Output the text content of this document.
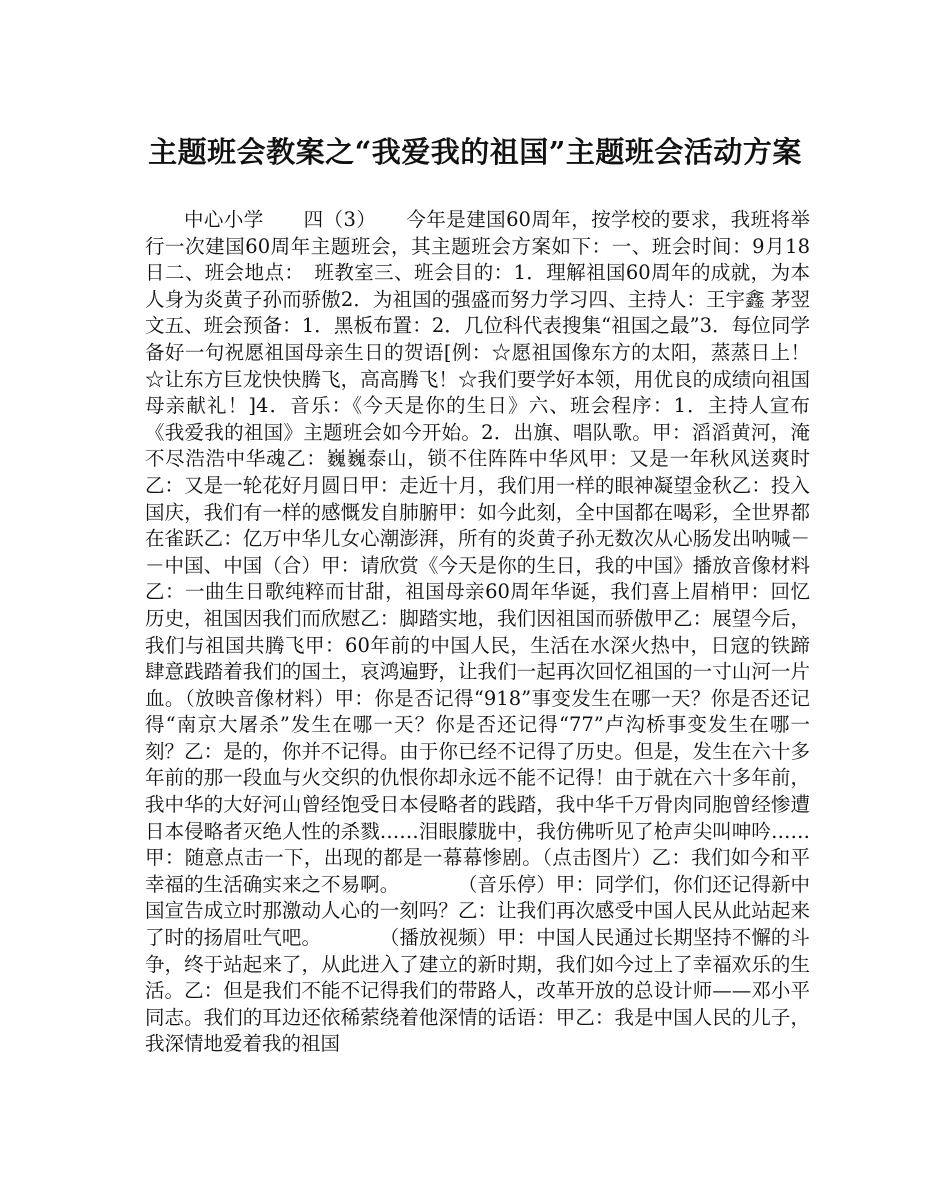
主题班会教案之“我爱我的祖国”主题班会活动方案

中心小学　　四（3）　　今年是建国60周年，按学校的要求，我班将举行一次建国60周年主题班会，其主题班会方案如下：一、班会时间：9月18日二、班会地点：　班教室三、班会目的：1．理解祖国60周年的成就，为本人身为炎黄子孙而骄傲2．为祖国的强盛而努力学习四、主持人：王宇鑫 茅翌文五、班会预备：1．黑板布置：2．几位科代表搜集“祖国之最”3．每位同学备好一句祝愿祖国母亲生日的贺语[例：☆愿祖国像东方的太阳，蒸蒸日上！☆让东方巨龙快快腾飞，高高腾飞！☆我们要学好本领，用优良的成绩向祖国母亲献礼！]4．音乐：《今天是你的生日》六、班会程序：1．主持人宣布《我爱我的祖国》主题班会如今开始。2．出旗、唱队歌。甲：滔滔黄河，淹不尽浩浩中华魂乙：巍巍泰山，锁不住阵阵中华风甲：又是一年秋风送爽时乙：又是一轮花好月圆日甲：走近十月，我们用一样的眼神凝望金秋乙：投入国庆，我们有一样的感慨发自肺腑甲：如今此刻，全中国都在喝彩，全世界都在雀跃乙：亿万中华儿女心潮澎湃，所有的炎黄子孙无数次从心肠发出呐喊－－中国、中国（合）甲：请欣赏《今天是你的生日，我的中国》播放音像材料乙：一曲生日歌纯粹而甘甜，祖国母亲60周年华诞，我们喜上眉梢甲：回忆历史，祖国因我们而欣慰乙：脚踏实地，我们因祖国而骄傲甲乙：展望今后，我们与祖国共腾飞甲：60年前的中国人民，生活在水深火热中，日寇的铁蹄肆意践踏着我们的国土，哀鸿遍野，让我们一起再次回忆祖国的一寸山河一片血。（放映音像材料）甲：你是否记得“918”事变发生在哪一天？你是否还记得“南京大屠杀”发生在哪一天？你是否还记得“77”卢沟桥事变发生在哪一刻？乙：是的，你并不记得。由于你已经不记得了历史。但是，发生在六十多年前的那一段血与火交织的仇恨你却永远不能不记得！由于就在六十多年前，我中华的大好河山曾经饱受日本侵略者的践踏，我中华千万骨肉同胞曾经惨遭日本侵略者灭绝人性的杀戮……泪眼朦胧中，我仿佛听见了枪声尖叫呻吟……甲：随意点击一下，出现的都是一幕幕惨剧。（点击图片）乙：我们如今和平幸福的生活确实来之不易啊。　　　　（音乐停）甲：同学们，你们还记得新中国宣告成立时那激动人心的一刻吗？乙：让我们再次感受中国人民从此站起来了时的扬眉吐气吧。　　　　（播放视频）甲：中国人民通过长期坚持不懈的斗争，终于站起来了，从此进入了建立的新时期，我们如今过上了幸福欢乐的生活。乙：但是我们不能不记得我们的带路人，改革开放的总设计师——邓小平同志。我们的耳边还依稀萦绕着他深情的话语：甲乙：我是中国人民的儿子，我深情地爱着我的祖国
